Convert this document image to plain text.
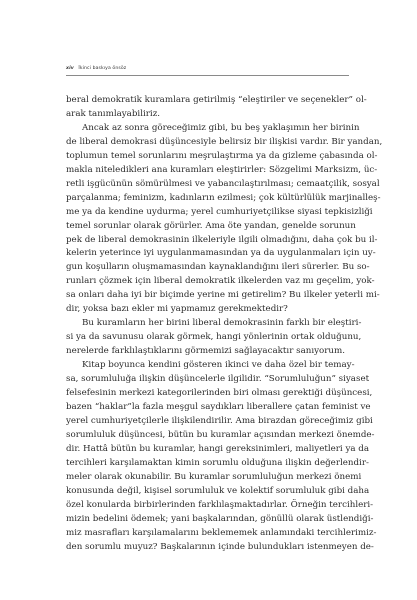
xiv İkinci baskıya önsöz
beral demokratik kuramlara getirilmiş “eleştiriler ve seçenekler” ol-
arak tanımlayabiliriz.
Ancak az sonra göreceğimiz gibi, bu beş yaklaşımın her birinin
de liberal demokrasi düşüncesiyle belirsiz bir ilişkisi vardır. Bir yandan,
toplumun temel sorunlarını meşrulaştırma ya da gizleme çabasında ol-
makla niteledikleri ana kuramları eleştirirler: Sözgelimi Marksizm, üc-
retli işgücünün sömürülmesi ve yabancılaştırılması; cemaatçilik, sosyal
parçalanma; feminizm, kadınların ezilmesi; çok kültürlülük marjinalleş-
me ya da kendine uydurma; yerel cumhuriyetçilikse siyasi tepkisizliği
temel sorunlar olarak görürler. Ama öte yandan, genelde sorunun
pek de liberal demokrasinin ilkeleriyle ilgili olmadığını, daha çok bu il-
kelerin yeterince iyi uygulanmamasından ya da uygulanmaları için uy-
gun koşulların oluşmamasından kaynaklandığını ileri sürerler. Bu so-
runları çözmek için liberal demokratik ilkelerden vaz mı geçelim, yok-
sa onları daha iyi bir biçimde yerine mi getirelim? Bu ilkeler yeterli mi-
dir, yoksa bazı ekler mi yapmamız gerekmektedir?
Bu kuramların her birini liberal demokrasinin farklı bir eleştiri-
si ya da savunusu olarak görmek, hangi yönlerinin ortak olduğunu,
nerelerde farklılaştıklarını görmemizi sağlayacaktır sanıyorum.
Kitap boyunca kendini gösteren ikinci ve daha özel bir temay-
sa, sorumluluğa ilişkin düşüncelerle ilgilidir. “Sorumluluğun” siyaset
felsefesinin merkezi kategorilerinden biri olması gerektiği düşüncesi,
bazen “haklar”la fazla meşgul saydıkları liberallere çatan feminist ve
yerel cumhuriyetçilerle ilişkilendirilir. Ama birazdan göreceğimiz gibi
sorumluluk düşüncesi, bütün bu kuramlar açısından merkezi önemde-
dir. Hattâ bütün bu kuramlar, hangi gereksinimleri, maliyetleri ya da
tercihleri karşılamaktan kimin sorumlu olduğuna ilişkin değerlendir-
meler olarak okunabilir. Bu kuramlar sorumluluğun merkezi önemi
konusunda değil, kişisel sorumluluk ve kolektif sorumluluk gibi daha
özel konularda birbirlerinden farklılaşmaktadırlar. Örneğin tercihleri-
mizin bedelini ödemek; yani başkalarından, gönüllü olarak üstlendiği-
miz masrafları karşılamalarını beklememek anlamındaki tercihlerimiz-
den sorumlu muyuz? Başkalarının içinde bulundukları istenmeyen de-
